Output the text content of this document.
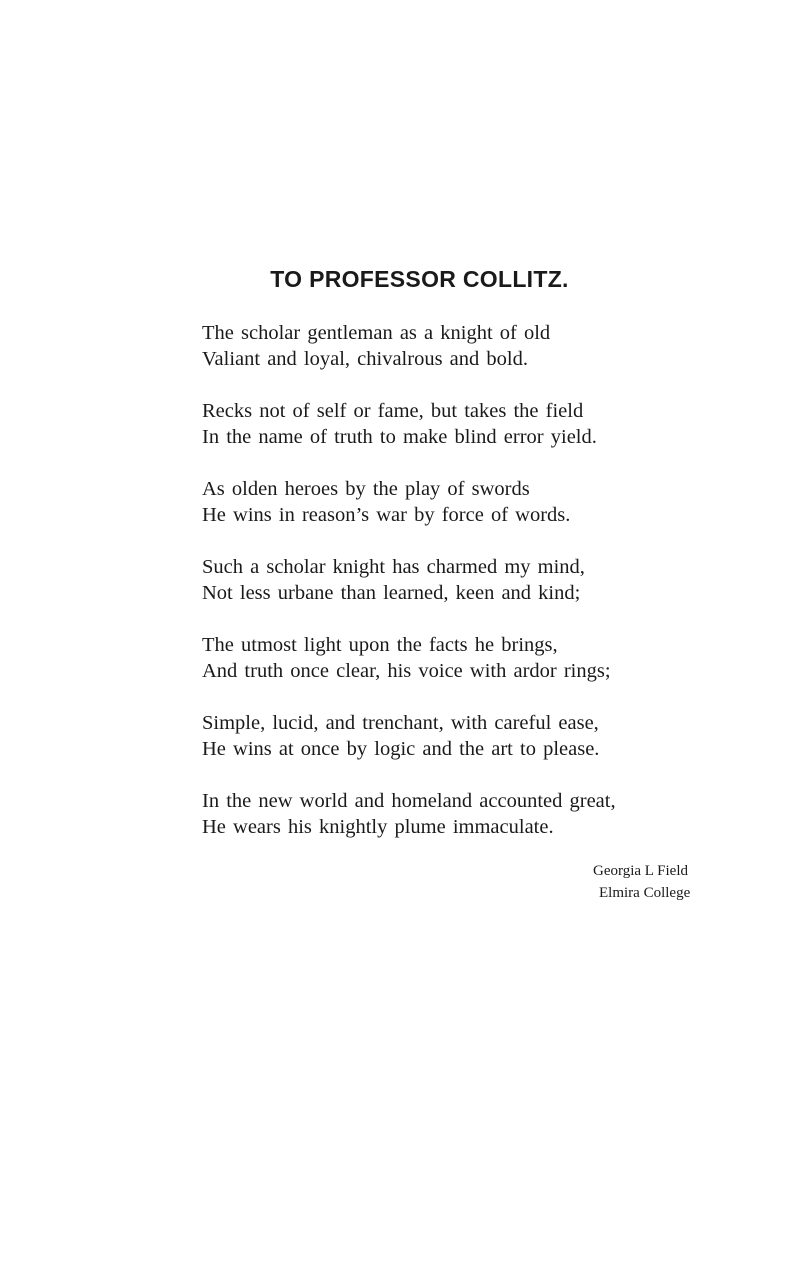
TO PROFESSOR COLLITZ.

The scholar gentleman as a knight of old
Valiant and loyal, chivalrous and bold.

Recks not of self or fame, but takes the field
In the name of truth to make blind error yield.

As olden heroes by the play of swords
He wins in reason’s war by force of words.

Such a scholar knight has charmed my mind,
Not less urbane than learned, keen and kind;

The utmost light upon the facts he brings,
And truth once clear, his voice with ardor rings;

Simple, lucid, and trenchant, with careful ease,
He wins at once by logic and the art to please.

In the new world and homeland accounted great,
He wears his knightly plume immaculate.

Georgia L Field
Elmira College
